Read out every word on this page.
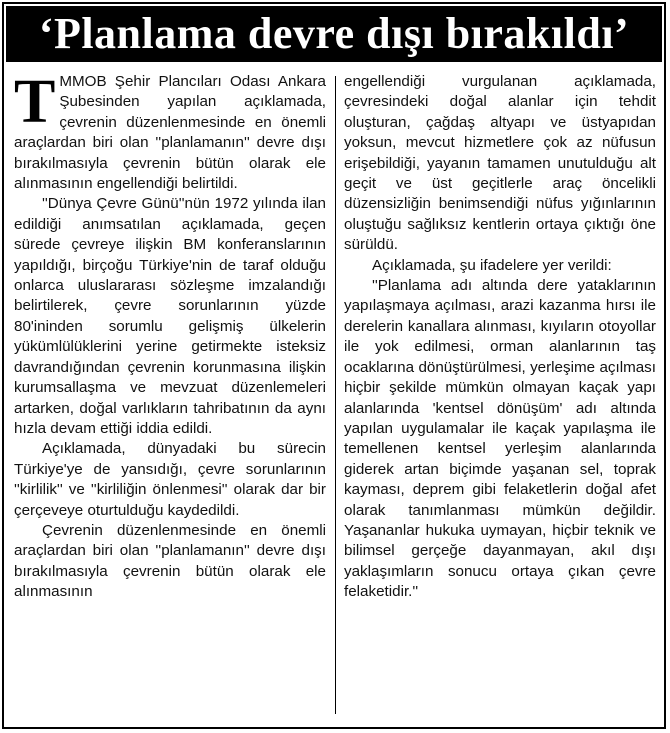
‘Planlama devre dışı bırakıldı’

TMMOB Şehir Plancıları Odası Ankara Şubesinden yapılan açıklamada, çevrenin düzenlenmesinde en önemli araçlardan biri olan ''planlamanın'' devre dışı bırakılmasıyla çevrenin bütün olarak ele alınmasının engellendiği belirtildi.

''Dünya Çevre Günü''nün 1972 yılında ilan edildiği anımsatılan açıklamada, geçen sürede çevreye ilişkin BM konferanslarının yapıldığı, birçoğu Türkiye'nin de taraf olduğu onlarca uluslararası sözleşme imzalandığı belirtilerek, çevre sorunlarının yüzde 80'ininden sorumlu gelişmiş ülkelerin yükümlülüklerini yerine getirmekte isteksiz davrandığından çevrenin korunmasına ilişkin kurumsallaşma ve mevzuat düzenlemeleri artarken, doğal varlıkların tahribatının da aynı hızla devam ettiği iddia edildi.

Açıklamada, dünyadaki bu sürecin Türkiye'ye de yansıdığı, çevre sorunlarının ''kirlilik'' ve ''kirliliğin önlenmesi'' olarak dar bir çerçeveye oturtulduğu kaydedildi.

Çevrenin düzenlenmesinde en önemli araçlardan biri olan ''planlamanın'' devre dışı bırakılmasıyla çevrenin bütün olarak ele alınmasının

engellendiği vurgulanan açıklamada, çevresindeki doğal alanlar için tehdit oluşturan, çağdaş altyapı ve üstyapıdan yoksun, mevcut hizmetlere çok az nüfusun erişebildiği, yayanın tamamen unutulduğu alt geçit ve üst geçitlerle araç öncelikli düzensizliğin benimsendiği nüfus yığınlarının oluştuğu sağlıksız kentlerin ortaya çıktığı öne sürüldü.

Açıklamada, şu ifadelere yer verildi:

''Planlama adı altında dere yataklarının yapılaşmaya açılması, arazi kazanma hırsı ile derelerin kanallara alınması, kıyıların otoyollar ile yok edilmesi, orman alanlarının taş ocaklarına dönüştürülmesi, yerleşime açılması hiçbir şekilde mümkün olmayan kaçak yapı alanlarında 'kentsel dönüşüm' adı altında yapılan uygulamalar ile kaçak yapılaşma ile temellenen kentsel yerleşim alanlarında giderek artan biçimde yaşanan sel, toprak kayması, deprem gibi felaketlerin doğal afet olarak tanımlanması mümkün değildir. Yaşananlar hukuka uymayan, hiçbir teknik ve bilimsel gerçeğe dayanmayan, akıl dışı yaklaşımların sonucu ortaya çıkan çevre felaketidir.''
